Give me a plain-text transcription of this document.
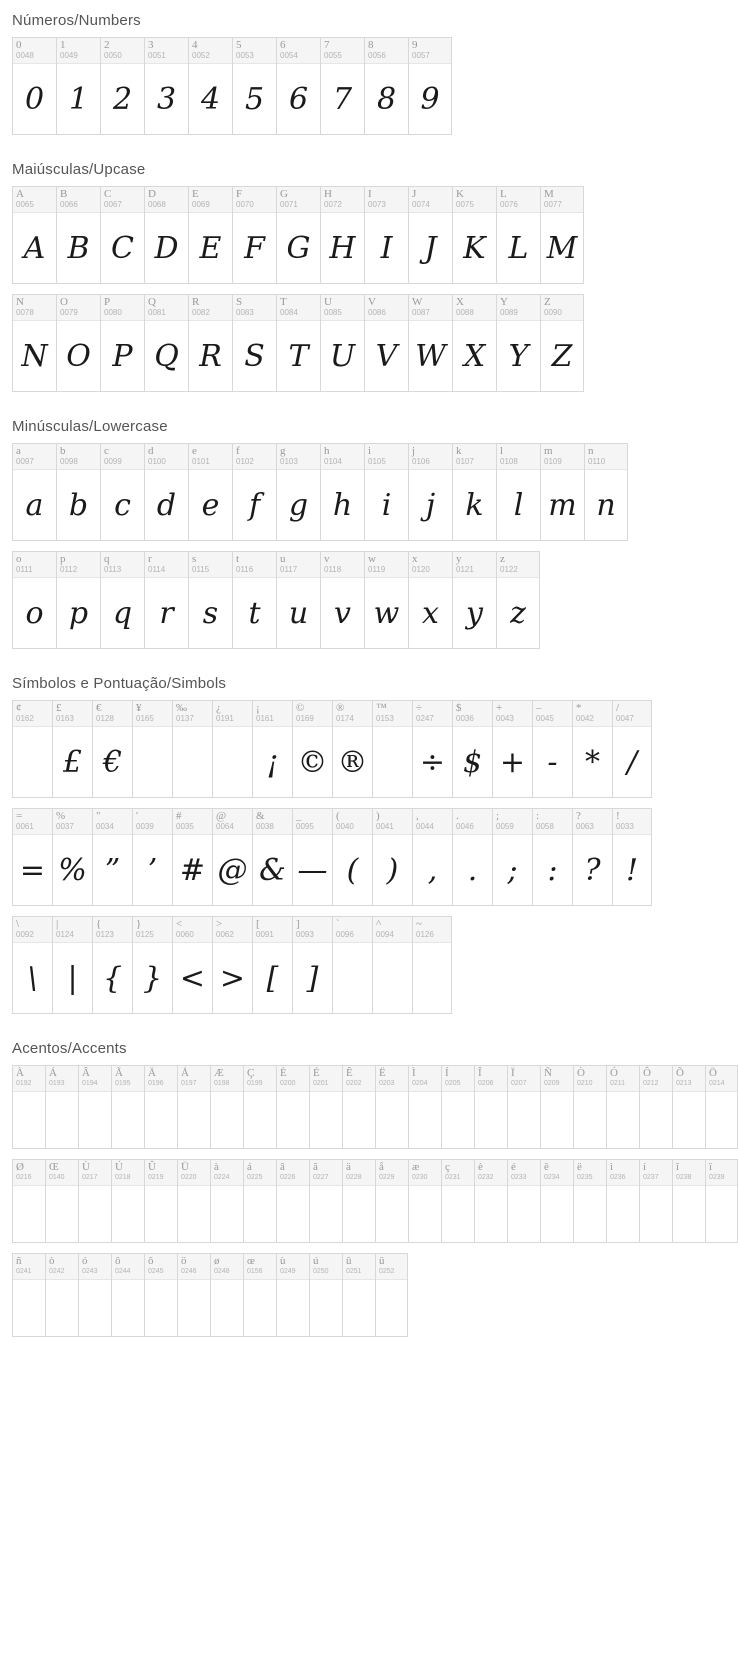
Números/Numbers
0
0048
0
1
0049
1
2
0050
2
3
0051
3
4
0052
4
5
0053
5
6
0054
6
7
0055
7
8
0056
8
9
0057
9
Maiúsculas/Upcase
A
0065
A
B
0066
B
C
0067
C
D
0068
D
E
0069
E
F
0070
F
G
0071
G
H
0072
H
I
0073
I
J
0074
J
K
0075
K
L
0076
L
M
0077
M
N
0078
N
O
0079
O
P
0080
P
Q
0081
Q
R
0082
R
S
0083
S
T
0084
T
U
0085
U
V
0086
V
W
0087
W
X
0088
X
Y
0089
Y
Z
0090
Z
Minúsculas/Lowercase
a
0097
a
b
0098
b
c
0099
c
d
0100
d
e
0101
e
f
0102
f
g
0103
g
h
0104
h
i
0105
i
j
0106
j
k
0107
k
l
0108
l
m
0109
m
n
0110
n
o
0111
o
p
0112
p
q
0113
q
r
0114
r
s
0115
s
t
0116
t
u
0117
u
v
0118
v
w
0119
w
x
0120
x
y
0121
y
z
0122
z
Símbolos e Pontuação/Simbols
¢
0162
£
0163
£
€
0128
€
¥
0165
‰
0137
¿
0191
¡
0161
¡
©
0169
©
®
0174
®
™
0153
÷
0247
÷
$
0036
$
+
0043
+
–
0045
-
*
0042
*
/
0047
/
=
0061
=
%
0037
%
"
0034
”
'
0039
’
#
0035
#
@
0064
@
&
0038
&
_
0095
—
(
0040
(
)
0041
)
,
0044
,
.
0046
.
;
0059
;
:
0058
:
?
0063
?
!
0033
!
\
0092
\
|
0124
|
{
0123
{
}
0125
}
<
0060
<
>
0062
>
[
0091
[
]
0093
]
`
0096
^
0094
~
0126
Acentos/Accents
À
0192
Á
0193
Â
0194
Ã
0195
Ä
0196
Å
0197
Æ
0198
Ç
0199
È
0200
É
0201
Ê
0202
Ë
0203
Ì
0204
Í
0205
Î
0206
Ï
0207
Ñ
0209
Ò
0210
Ó
0211
Ô
0212
Õ
0213
Ö
0214
Ø
0216
Œ
0140
Ù
0217
Ú
0218
Û
0219
Ü
0220
à
0224
á
0225
â
0226
ã
0227
ä
0228
å
0229
æ
0230
ç
0231
è
0232
é
0233
ê
0234
ë
0235
ì
0236
í
0237
î
0238
ï
0239
ñ
0241
ò
0242
ó
0243
ô
0244
õ
0245
ö
0246
ø
0248
œ
0156
ù
0249
ú
0250
û
0251
ü
0252
